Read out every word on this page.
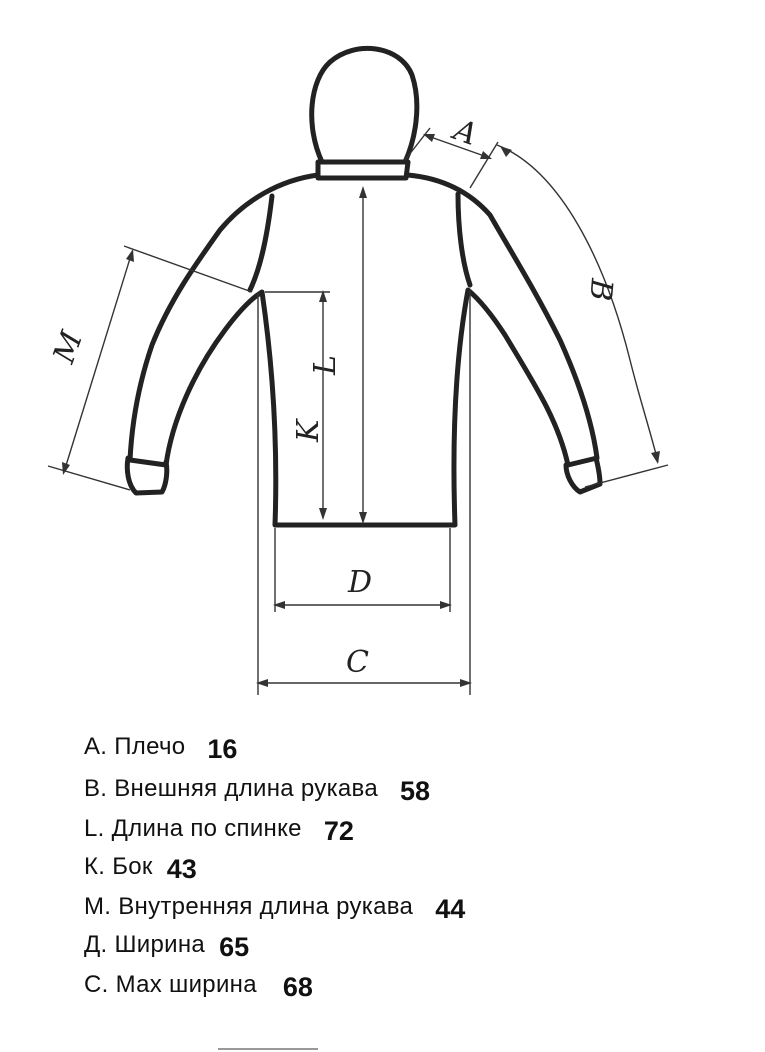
L
K
D
C
A
B
M
А. Плечо 16
В. Внешняя длина рукава 58
L. Длина по спинке 72
К. Бок 43
М. Внутренняя длина рукава 44
Д. Ширина 65
С. Мах ширина 68
